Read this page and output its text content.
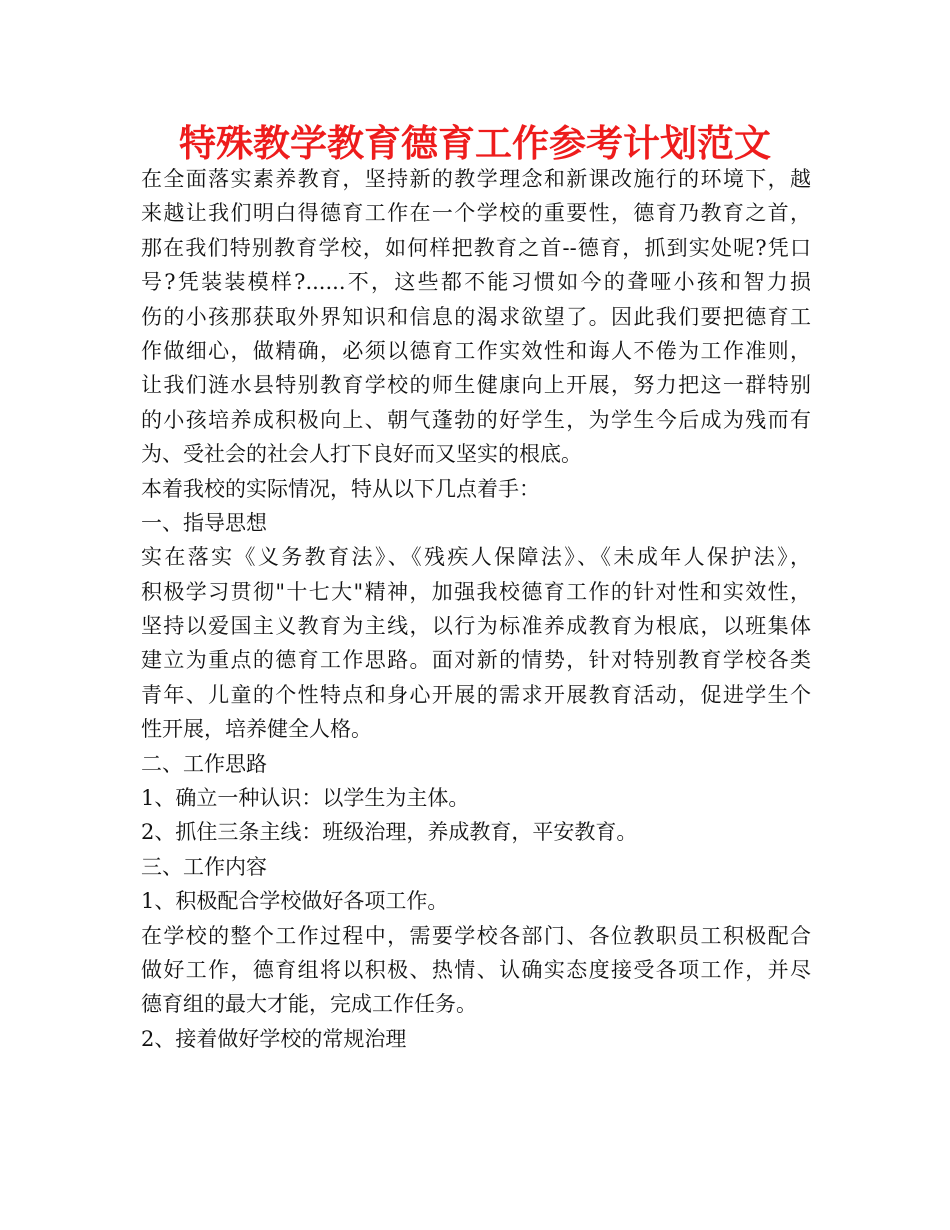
特殊教学教育德育工作参考计划范文
在全面落实素养教育，坚持新的教学理念和新课改施行的环境下，越
来越让我们明白得德育工作在一个学校的重要性，德育乃教育之首，
那在我们特别教育学校，如何样把教育之首--德育，抓到实处呢?凭口
号?凭装装模样?......不，这些都不能习惯如今的聋哑小孩和智力损
伤的小孩那获取外界知识和信息的渴求欲望了。因此我们要把德育工
作做细心，做精确，必须以德育工作实效性和诲人不倦为工作准则，
让我们涟水县特别教育学校的师生健康向上开展，努力把这一群特别
的小孩培养成积极向上、朝气蓬勃的好学生，为学生今后成为残而有
为、受社会的社会人打下良好而又坚实的根底。
本着我校的实际情况，特从以下几点着手：
一、指导思想
实在落实《义务教育法》、《残疾人保障法》、《未成年人保护法》，
积极学习贯彻"十七大"精神，加强我校德育工作的针对性和实效性，
坚持以爱国主义教育为主线，以行为标准养成教育为根底，以班集体
建立为重点的德育工作思路。面对新的情势，针对特别教育学校各类
青年、儿童的个性特点和身心开展的需求开展教育活动，促进学生个
性开展，培养健全人格。
二、工作思路
1、确立一种认识：以学生为主体。
2、抓住三条主线：班级治理，养成教育，平安教育。
三、工作内容
1、积极配合学校做好各项工作。
在学校的整个工作过程中，需要学校各部门、各位教职员工积极配合
做好工作，德育组将以积极、热情、认确实态度接受各项工作，并尽
德育组的最大才能，完成工作任务。
2、接着做好学校的常规治理
